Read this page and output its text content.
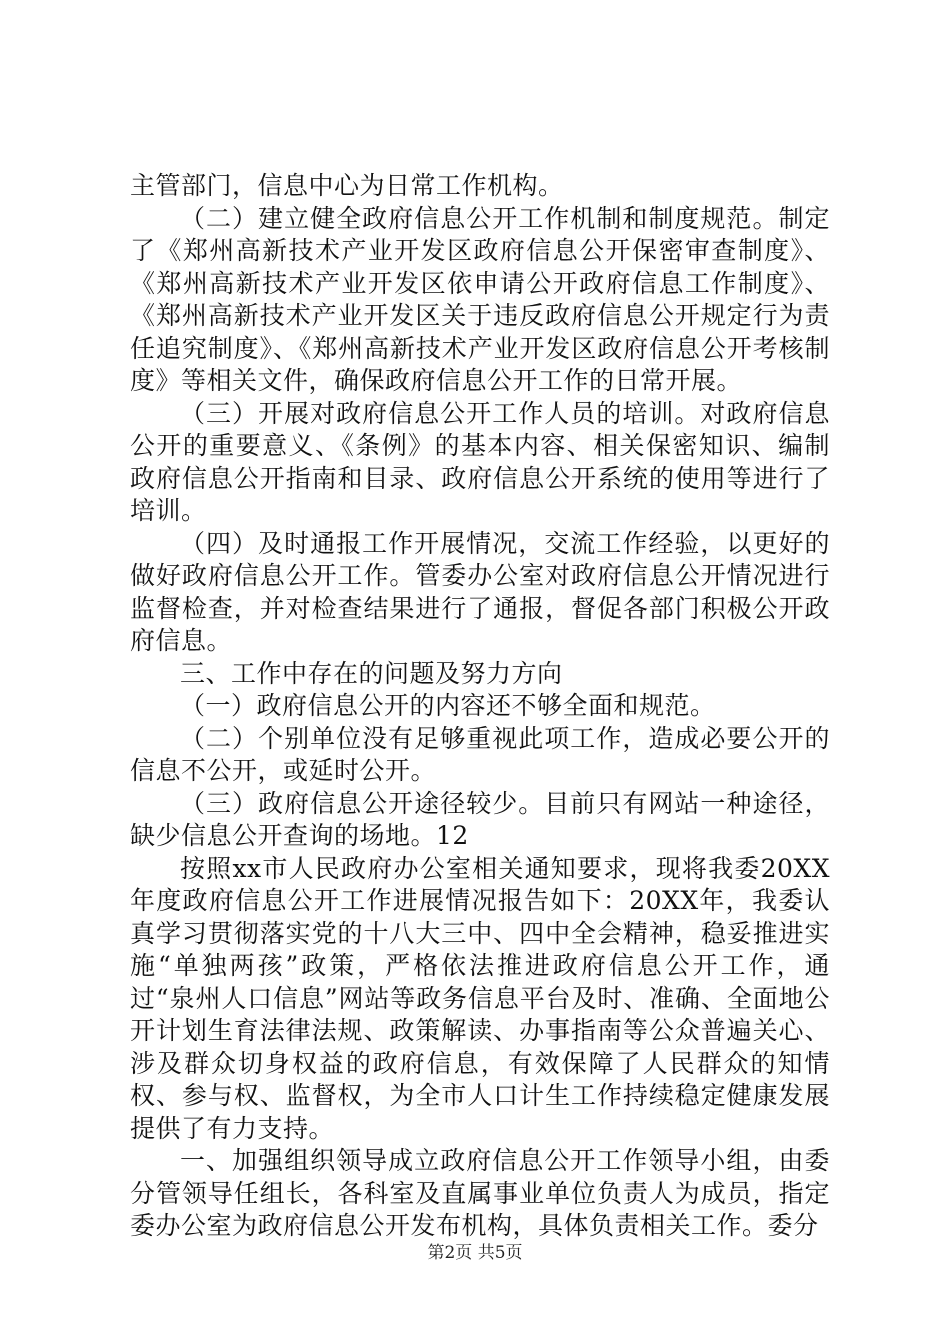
主管部门，信息中心为日常工作机构。

（二）建立健全政府信息公开工作机制和制度规范。制定了《郑州高新技术产业开发区政府信息公开保密审查制度》、《郑州高新技术产业开发区依申请公开政府信息工作制度》、《郑州高新技术产业开发区关于违反政府信息公开规定行为责任追究制度》、《郑州高新技术产业开发区政府信息公开考核制度》等相关文件，确保政府信息公开工作的日常开展。

（三）开展对政府信息公开工作人员的培训。对政府信息公开的重要意义、《条例》的基本内容、相关保密知识、编制政府信息公开指南和目录、政府信息公开系统的使用等进行了培训。

（四）及时通报工作开展情况，交流工作经验，以更好的做好政府信息公开工作。管委办公室对政府信息公开情况进行监督检查，并对检查结果进行了通报，督促各部门积极公开政府信息。

三、工作中存在的问题及努力方向

（一）政府信息公开的内容还不够全面和规范。

（二）个别单位没有足够重视此项工作，造成必要公开的信息不公开，或延时公开。

（三）政府信息公开途径较少。目前只有网站一种途径，缺少信息公开查询的场地。12

按照xx市人民政府办公室相关通知要求，现将我委20XX年度政府信息公开工作进展情况报告如下：20XX年，我委认真学习贯彻落实党的十八大三中、四中全会精神，稳妥推进实施“单独两孩”政策，严格依法推进政府信息公开工作，通过“泉州人口信息”网站等政务信息平台及时、准确、全面地公开计划生育法律法规、政策解读、办事指南等公众普遍关心、涉及群众切身权益的政府信息，有效保障了人民群众的知情权、参与权、监督权，为全市人口计生工作持续稳定健康发展提供了有力支持。

一、加强组织领导成立政府信息公开工作领导小组，由委分管领导任组长，各科室及直属事业单位负责人为成员，指定委办公室为政府信息公开发布机构，具体负责相关工作。委分

第2页 共5页
